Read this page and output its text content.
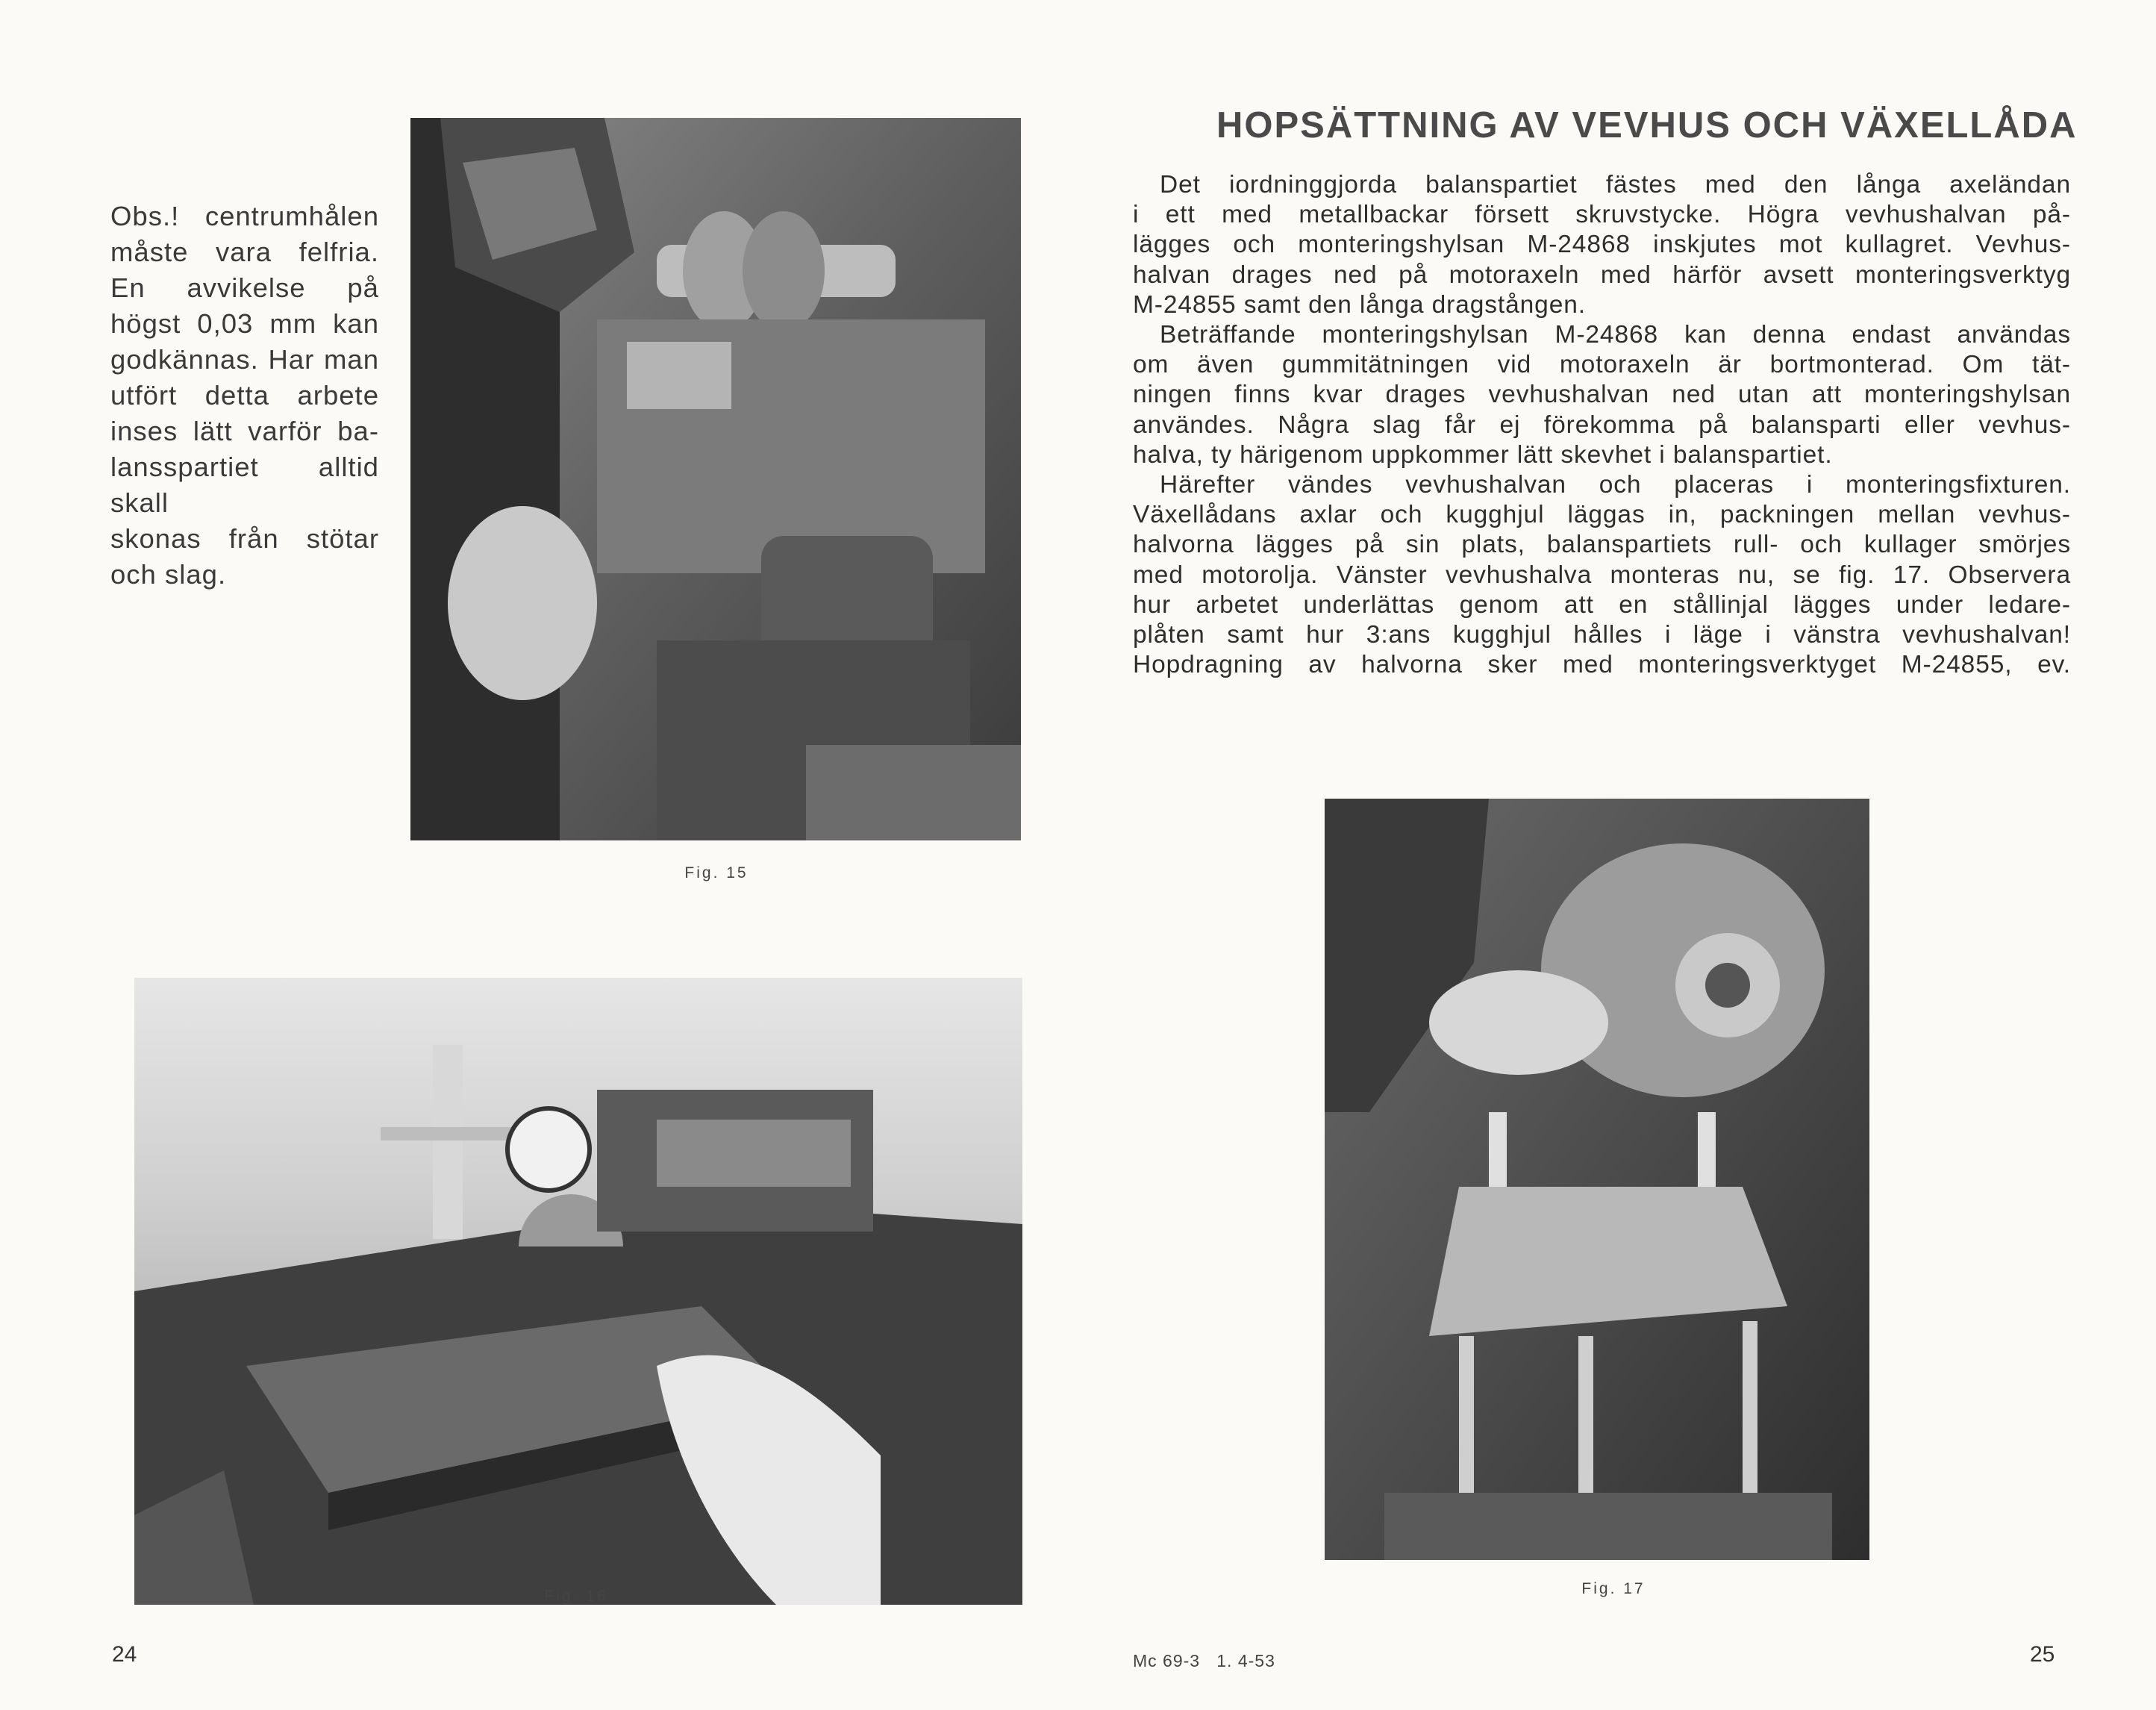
Obs.! centrumhålen
måste vara felfria.
En avvikelse på
högst 0,03 mm kan
godkännas. Har man
utfört detta arbete
inses lätt varför ba-
lansspartiet alltid skall
skonas från stötar
och slag.
Fig. 15
HOPSÄTTNING AV VEVHUS OCH VÄXELLÅDA
Det iordninggjorda balanspartiet fästes med den långa axeländan
i ett med metallbackar försett skruvstycke. Högra vevhushalvan på-
lägges och monteringshylsan M-24868 inskjutes mot kullagret. Vevhus-
halvan drages ned på motoraxeln med härför avsett monteringsverktyg
M-24855 samt den långa dragstången.
Beträffande monteringshylsan M-24868 kan denna endast användas
om även gummitätningen vid motoraxeln är bortmonterad. Om tät-
ningen finns kvar drages vevhushalvan ned utan att monteringshylsan
användes. Några slag får ej förekomma på balansparti eller vevhus-
halva, ty härigenom uppkommer lätt skevhet i balanspartiet.
Härefter vändes vevhushalvan och placeras i monteringsfixturen.
Växellådans axlar och kugghjul läggas in, packningen mellan vevhus-
halvorna lägges på sin plats, balanspartiets rull- och kullager smörjes
med motorolja. Vänster vevhushalva monteras nu, se fig. 17. Observera
hur arbetet underlättas genom att en stållinjal lägges under ledare-
plåten samt hur 3:ans kugghjul hålles i läge i vänstra vevhushalvan!
Hopdragning av halvorna sker med monteringsverktyget M-24855, ev.
Fig. 16	Fig. 17
24	Mc 69-3   1. 4-53	25
